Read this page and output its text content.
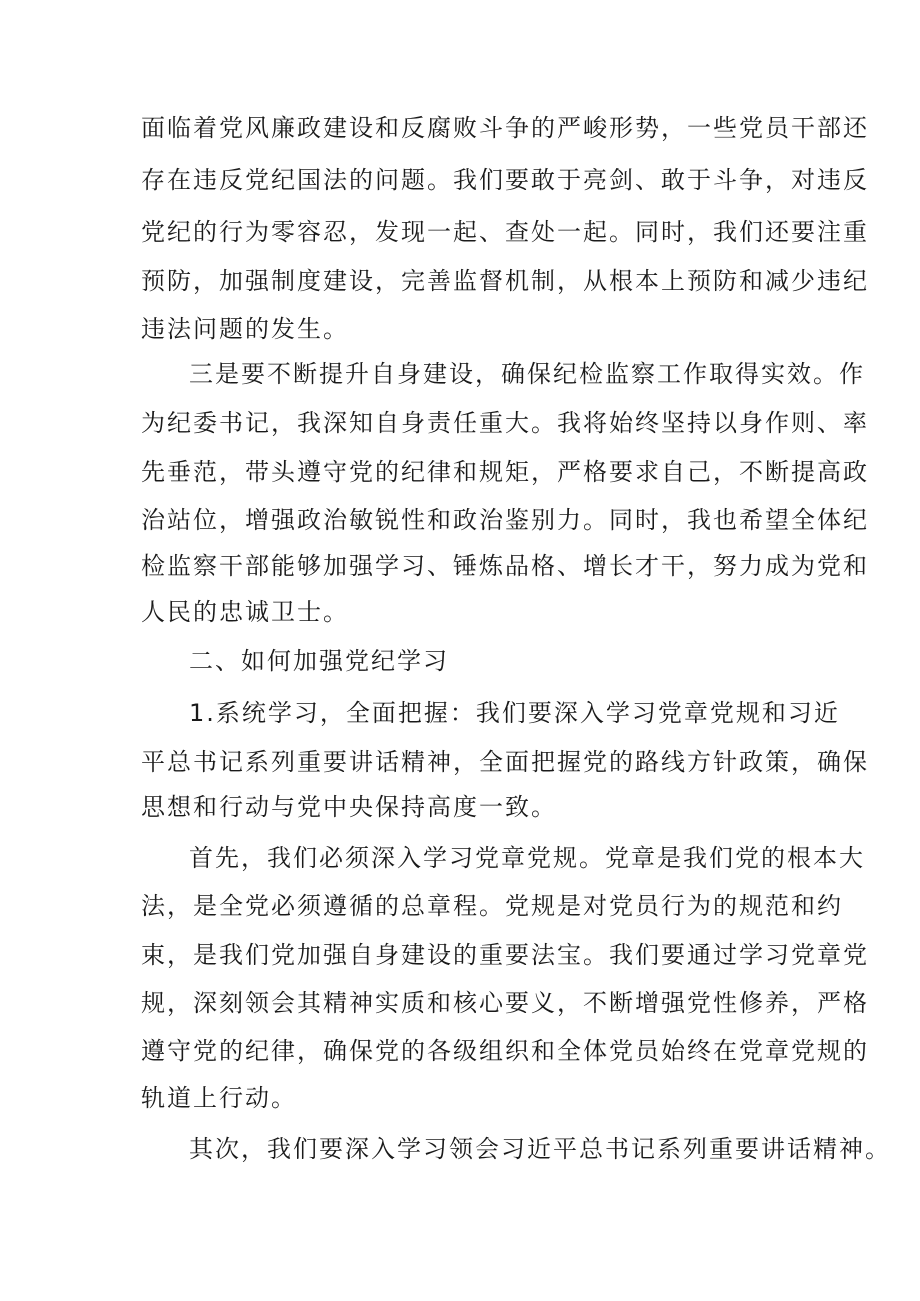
面临着党风廉政建设和反腐败斗争的严峻形势，一些党员干部还
存在违反党纪国法的问题。我们要敢于亮剑、敢于斗争，对违反
党纪的行为零容忍，发现一起、查处一起。同时，我们还要注重
预防，加强制度建设，完善监督机制，从根本上预防和减少违纪
违法问题的发生。
三是要不断提升自身建设，确保纪检监察工作取得实效。作
为纪委书记，我深知自身责任重大。我将始终坚持以身作则、率
先垂范，带头遵守党的纪律和规矩，严格要求自己，不断提高政
治站位，增强政治敏锐性和政治鉴别力。同时，我也希望全体纪
检监察干部能够加强学习、锤炼品格、增长才干，努力成为党和
人民的忠诚卫士。
二、如何加强党纪学习
1.系统学习，全面把握：我们要深入学习党章党规和习近
平总书记系列重要讲话精神，全面把握党的路线方针政策，确保
思想和行动与党中央保持高度一致。
首先，我们必须深入学习党章党规。党章是我们党的根本大
法，是全党必须遵循的总章程。党规是对党员行为的规范和约
束，是我们党加强自身建设的重要法宝。我们要通过学习党章党
规，深刻领会其精神实质和核心要义，不断增强党性修养，严格
遵守党的纪律，确保党的各级组织和全体党员始终在党章党规的
轨道上行动。
其次，我们要深入学习领会习近平总书记系列重要讲话精神。
